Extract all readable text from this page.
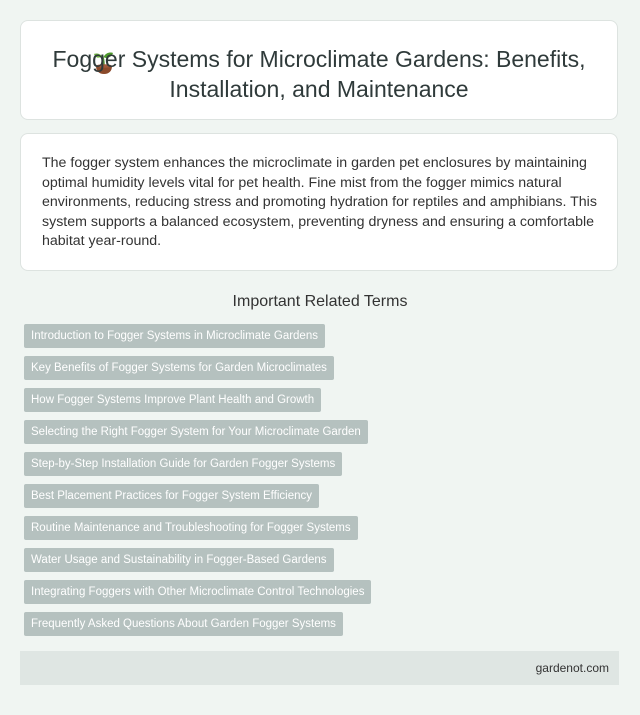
Fogger Systems for Microclimate Gardens: Benefits, Installation, and Maintenance

The fogger system enhances the microclimate in garden pet enclosures by maintaining optimal humidity levels vital for pet health. Fine mist from the fogger mimics natural environments, reducing stress and promoting hydration for reptiles and amphibians. This system supports a balanced ecosystem, preventing dryness and ensuring a comfortable habitat year-round.

Important Related Terms
Introduction to Fogger Systems in Microclimate Gardens
Key Benefits of Fogger Systems for Garden Microclimates
How Fogger Systems Improve Plant Health and Growth
Selecting the Right Fogger System for Your Microclimate Garden
Step-by-Step Installation Guide for Garden Fogger Systems
Best Placement Practices for Fogger System Efficiency
Routine Maintenance and Troubleshooting for Fogger Systems
Water Usage and Sustainability in Fogger-Based Gardens
Integrating Foggers with Other Microclimate Control Technologies
Frequently Asked Questions About Garden Fogger Systems
gardenot.com
